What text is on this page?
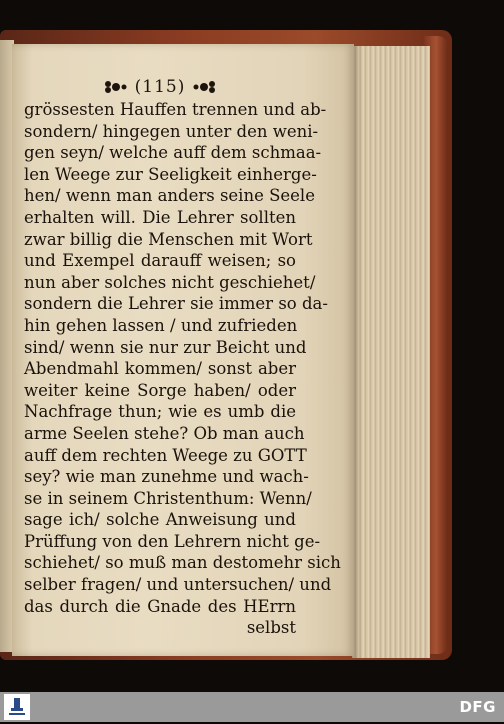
(115)
grössesten Hauffen trennen und ab-
sondern/ hingegen unter den weni-
gen seyn/ welche auff dem schmaa-
len Weege zur Seeligkeit einherge-
hen/ wenn man anders seine Seele
erhalten will. Die Lehrer sollten
zwar billig die Menschen mit Wort
und Exempel darauff weisen; so
nun aber solches nicht geschiehet/
sondern die Lehrer sie immer so da-
hin gehen lassen / und zufrieden
sind/ wenn sie nur zur Beicht und
Abendmahl kommen/ sonst aber
weiter keine Sorge haben/ oder
Nachfrage thun; wie es umb die
arme Seelen stehe? Ob man auch
auff dem rechten Weege zu GOTT
sey? wie man zunehme und wach-
se in seinem Christenthum: Wenn/
sage ich/ solche Anweisung und
Prüffung von den Lehrern nicht ge-
schiehet/ so muß man destomehr sich
selber fragen/ und untersuchen/ und
das durch die Gnade des HErrn
selbst
DFG
